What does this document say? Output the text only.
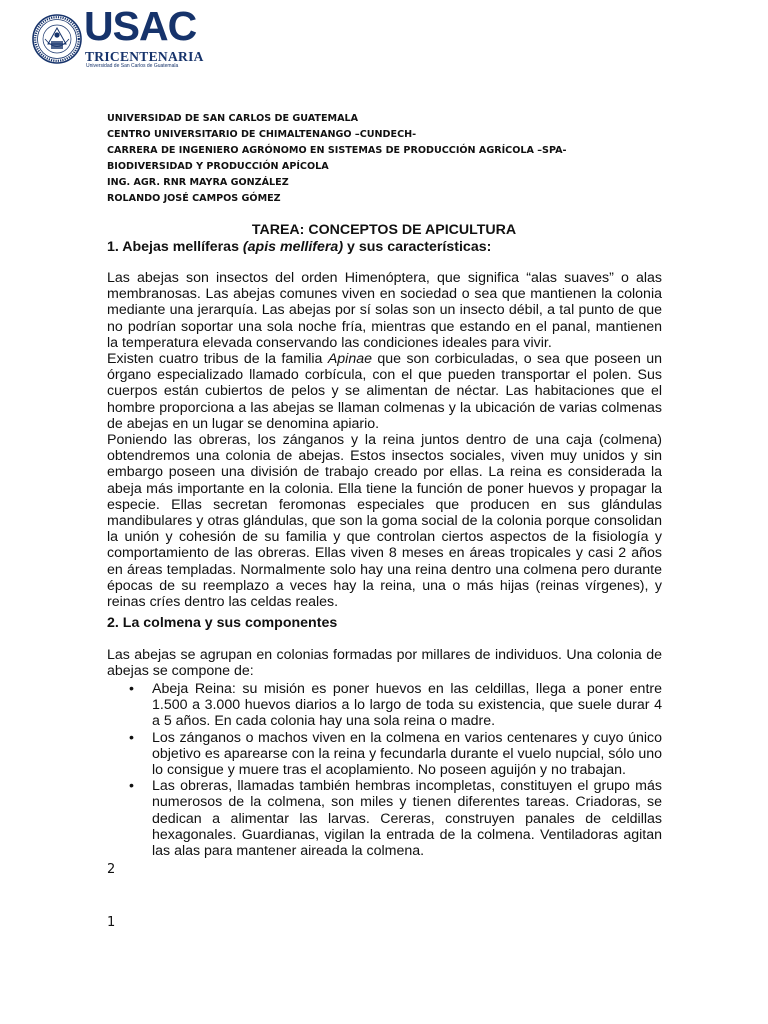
USAC
TRICENTENARIA
Universidad de San Carlos de Guatemala
UNIVERSIDAD DE SAN CARLOS DE GUATEMALA
CENTRO UNIVERSITARIO DE CHIMALTENANGO –CUNDECH-
CARRERA DE INGENIERO AGRÓNOMO EN SISTEMAS DE PRODUCCIÓN AGRÍCOLA –SPA-
BIODIVERSIDAD Y PRODUCCIÓN APÍCOLA
ING. AGR. RNR MAYRA GONZÁLEZ
ROLANDO JOSÉ CAMPOS GÓMEZ
TAREA: CONCEPTOS DE APICULTURA
1. Abejas mellíferas (apis mellifera) y sus características:

Las abejas son insectos del orden Himenóptera, que significa “alas suaves” o alas membranosas. Las abejas comunes viven en sociedad o sea que mantienen la colonia mediante una jerarquía. Las abejas por sí solas son un insecto débil, a tal punto de que no podrían soportar una sola noche fría, mientras que estando en el panal, mantienen la temperatura elevada conservando las condiciones ideales para vivir.

Existen cuatro tribus de la familia Apinae que son corbiculadas, o sea que poseen un órgano especializado llamado corbícula, con el que pueden transportar el polen. Sus cuerpos están cubiertos de pelos y se alimentan de néctar. Las habitaciones que el hombre proporciona a las abejas se llaman colmenas y la ubicación de varias colmenas de abejas en un lugar se denomina apiario.

Poniendo las obreras, los zánganos y la reina juntos dentro de una caja (colmena) obtendremos una colonia de abejas. Estos insectos sociales, viven muy unidos y sin embargo poseen una división de trabajo creado por ellas. La reina es considerada la abeja más importante en la colonia. Ella tiene la función de poner huevos y propagar la especie. Ellas secretan feromonas especiales que producen en sus glándulas mandibulares y otras glándulas, que son la goma social de la colonia porque consolidan la unión y cohesión de su familia y que controlan ciertos aspectos de la fisiología y comportamiento de las obreras. Ellas viven 8 meses en áreas tropicales y casi 2 años en áreas templadas. Normalmente solo hay una reina dentro una colmena pero durante épocas de su reemplazo a veces hay la reina, una o más hijas (reinas vírgenes), y reinas críes dentro las celdas reales.

2. La colmena y sus componentes

Las abejas se agrupan en colonias formadas por millares de individuos. Una colonia de abejas se compone de:

• Abeja Reina: su misión es poner huevos en las celdillas, llega a poner entre 1.500 a 3.000 huevos diarios a lo largo de toda su existencia, que suele durar 4 a 5 años. En cada colonia hay una sola reina o madre.

• Los zánganos o machos viven en la colmena en varios centenares y cuyo único objetivo es aparearse con la reina y fecundarla durante el vuelo nupcial, sólo uno lo consigue y muere tras el acoplamiento. No poseen aguijón y no trabajan.

• Las obreras, llamadas también hembras incompletas, constituyen el grupo más numerosos de la colmena, son miles y tienen diferentes tareas. Criadoras, se dedican a alimentar las larvas. Cereras, construyen panales de celdillas hexagonales. Guardianas, vigilan la entrada de la colmena. Ventiladoras agitan las alas para mantener aireada la colmena.

2
1
